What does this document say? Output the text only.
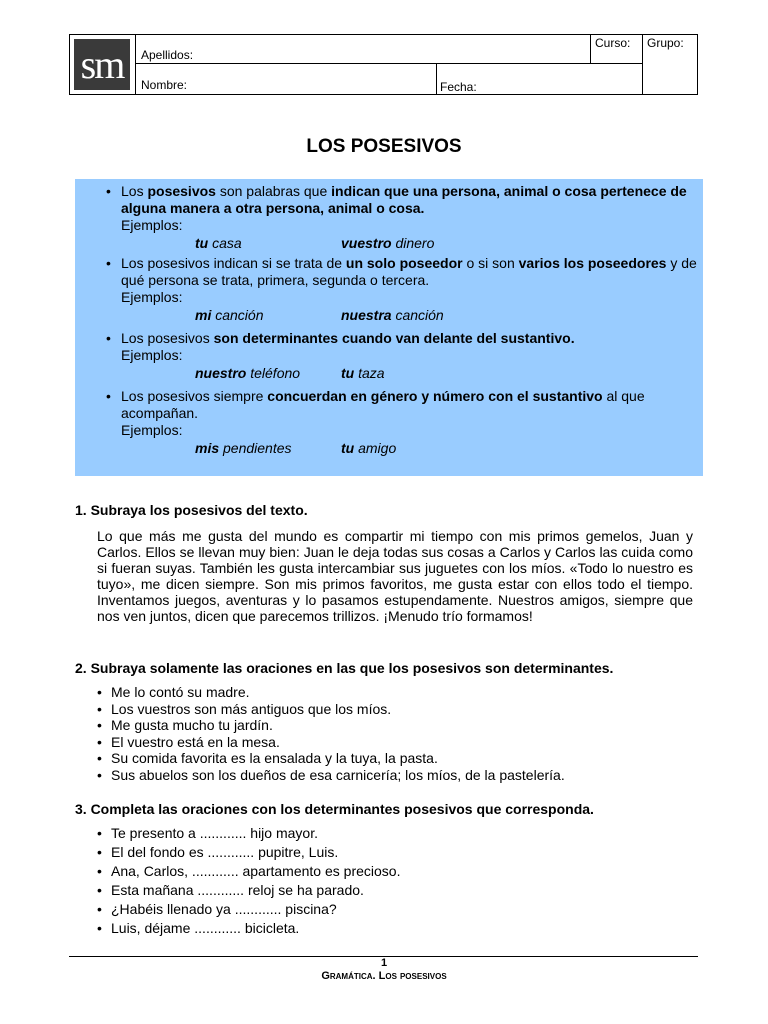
sm	Apellidos:
Nombre:	Fecha:
Curso: Grupo:
LOS POSESIVOS
• Los posesivos son palabras que indican que una persona, animal o cosa pertenece de alguna manera a otra persona, animal o cosa.
Ejemplos:
tu casa	vuestro dinero
• Los posesivos indican si se trata de un solo poseedor o si son varios los poseedores y de qué persona se trata, primera, segunda o tercera.
Ejemplos:
mi canción	nuestra canción
• Los posesivos son determinantes cuando van delante del sustantivo.
Ejemplos:
nuestro teléfono	tu taza
• Los posesivos siempre concuerdan en género y número con el sustantivo al que acompañan.
Ejemplos:
mis pendientes	tu amigo
1. Subraya los posesivos del texto.
Lo que más me gusta del mundo es compartir mi tiempo con mis primos gemelos, Juan y Carlos. Ellos se llevan muy bien: Juan le deja todas sus cosas a Carlos y Carlos las cuida como si fueran suyas. También les gusta intercambiar sus juguetes con los míos. «Todo lo nuestro es tuyo», me dicen siempre. Son mis primos favoritos, me gusta estar con ellos todo el tiempo. Inventamos juegos, aventuras y lo pasamos estupendamente. Nuestros amigos, siempre que nos ven juntos, dicen que parecemos trillizos. ¡Menudo trío formamos!
2. Subraya solamente las oraciones en las que los posesivos son determinantes.
• Me lo contó su madre.
• Los vuestros son más antiguos que los míos.
• Me gusta mucho tu jardín.
• El vuestro está en la mesa.
• Su comida favorita es la ensalada y la tuya, la pasta.
• Sus abuelos son los dueños de esa carnicería; los míos, de la pastelería.
3. Completa las oraciones con los determinantes posesivos que corresponda.
• Te presento a ............ hijo mayor.
• El del fondo es ............ pupitre, Luis.
• Ana, Carlos, ............ apartamento es precioso.
• Esta mañana ............ reloj se ha parado.
• ¿Habéis llenado ya ............ piscina?
• Luis, déjame ............ bicicleta.
1
Gramática. Los posesivos
